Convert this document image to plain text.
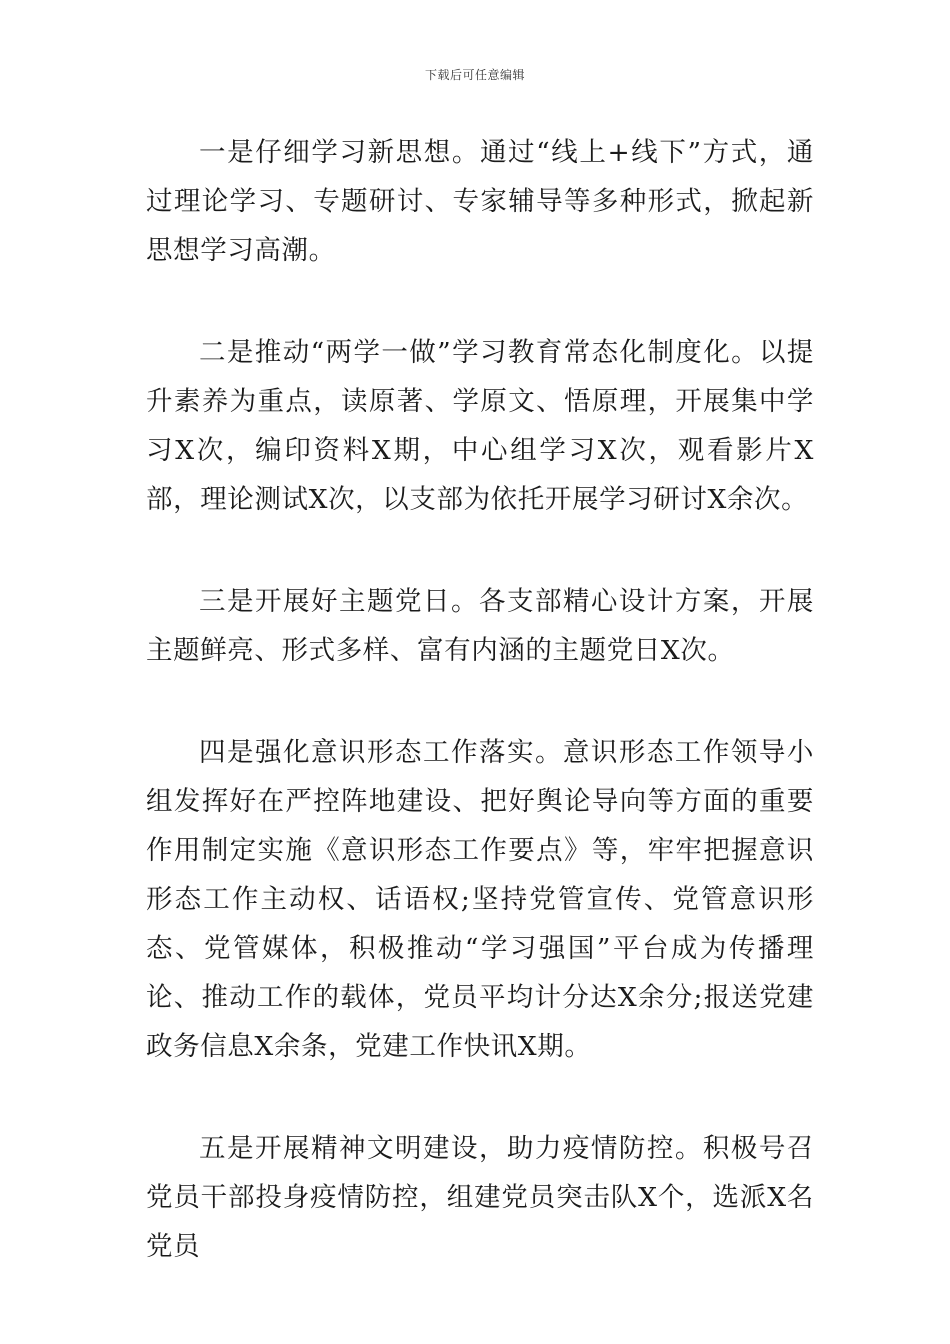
下载后可任意编辑

一是仔细学习新思想。通过“线上+线下”方式，通过理论学习、专题研讨、专家辅导等多种形式，掀起新思想学习高潮。

二是推动“两学一做”学习教育常态化制度化。以提升素养为重点，读原著、学原文、悟原理，开展集中学习X次，编印资料X期，中心组学习X次，观看影片X部，理论测试X次，以支部为依托开展学习研讨X余次。

三是开展好主题党日。各支部精心设计方案，开展主题鲜亮、形式多样、富有内涵的主题党日X次。

四是强化意识形态工作落实。意识形态工作领导小组发挥好在严控阵地建设、把好舆论导向等方面的重要作用制定实施《意识形态工作要点》等，牢牢把握意识形态工作主动权、话语权;坚持党管宣传、党管意识形态、党管媒体，积极推动“学习强国”平台成为传播理论、推动工作的载体，党员平均计分达X余分;报送党建政务信息X余条，党建工作快讯X期。

五是开展精神文明建设，助力疫情防控。积极号召党员干部投身疫情防控，组建党员突击队X个，选派X名党员
